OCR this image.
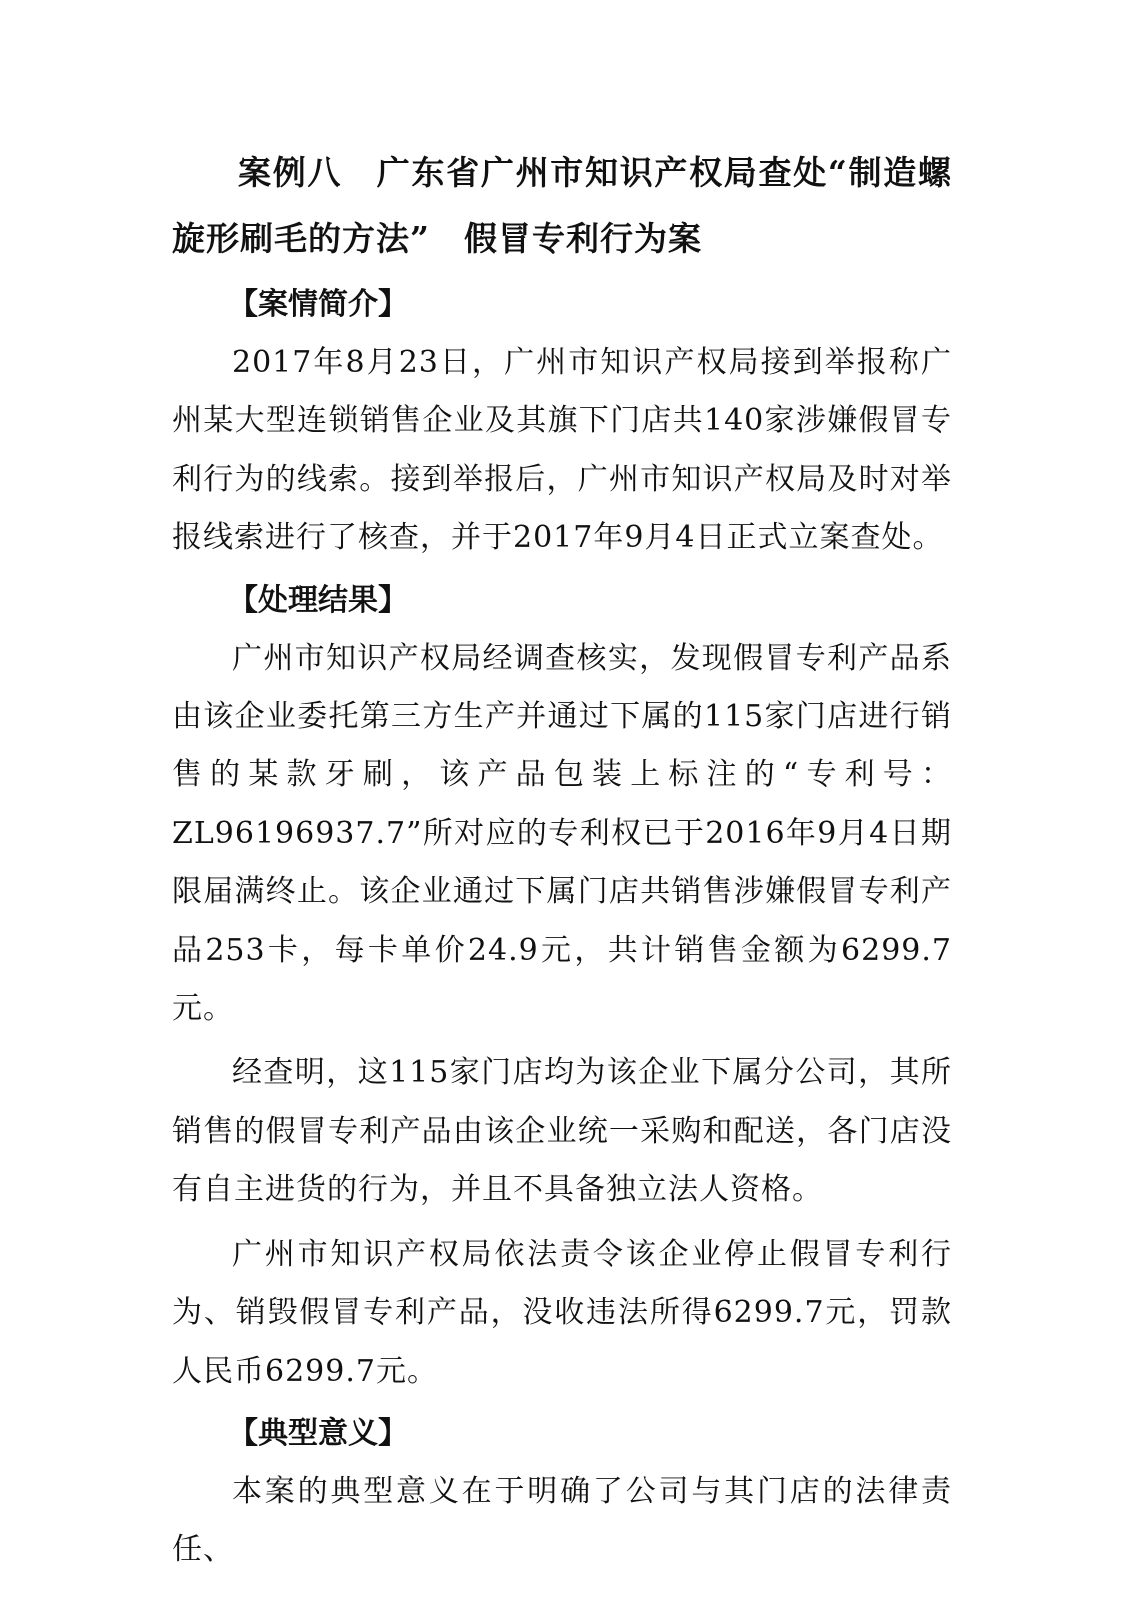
案例八　广东省广州市知识产权局查处“制造螺旋形刷毛的方法”　假冒专利行为案
【案情简介】

2017年8月23日，广州市知识产权局接到举报称广州某大型连锁销售企业及其旗下门店共140家涉嫌假冒专利行为的线索。接到举报后，广州市知识产权局及时对举报线索进行了核查，并于2017年9月4日正式立案查处。

【处理结果】

广州市知识产权局经调查核实，发现假冒专利产品系由该企业委托第三方生产并通过下属的115家门店进行销售的某款牙刷，该产品包装上标注的“专利号：ZL96196937.7”所对应的专利权已于2016年9月4日期限届满终止。该企业通过下属门店共销售涉嫌假冒专利产品253卡，每卡单价24.9元，共计销售金额为6299.7元。

经查明，这115家门店均为该企业下属分公司，其所销售的假冒专利产品由该企业统一采购和配送，各门店没有自主进货的行为，并且不具备独立法人资格。

广州市知识产权局依法责令该企业停止假冒专利行为、销毁假冒专利产品，没收违法所得6299.7元，罚款人民币6299.7元。

【典型意义】

本案的典型意义在于明确了公司与其门店的法律责任、
